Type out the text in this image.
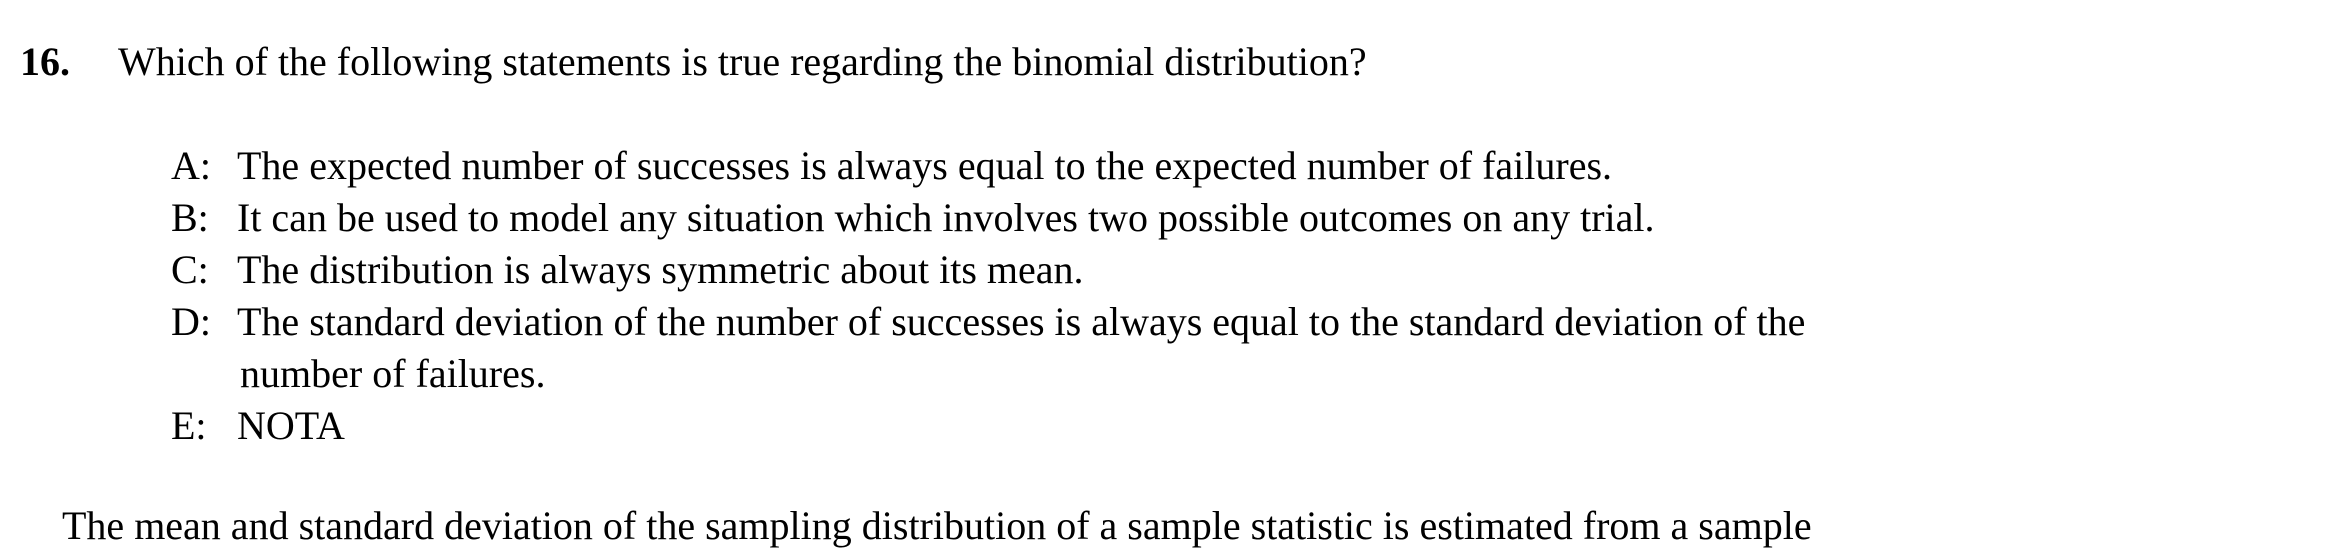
16. Which of the following statements is true regarding the binomial distribution?
A: The expected number of successes is always equal to the expected number of failures.
B: It can be used to model any situation which involves two possible outcomes on any trial.
C: The distribution is always symmetric about its mean.
D: The standard deviation of the number of successes is always equal to the standard deviation of the
number of failures.
E: NOTA
The mean and standard deviation of the sampling distribution of a sample statistic is estimated from a sample
